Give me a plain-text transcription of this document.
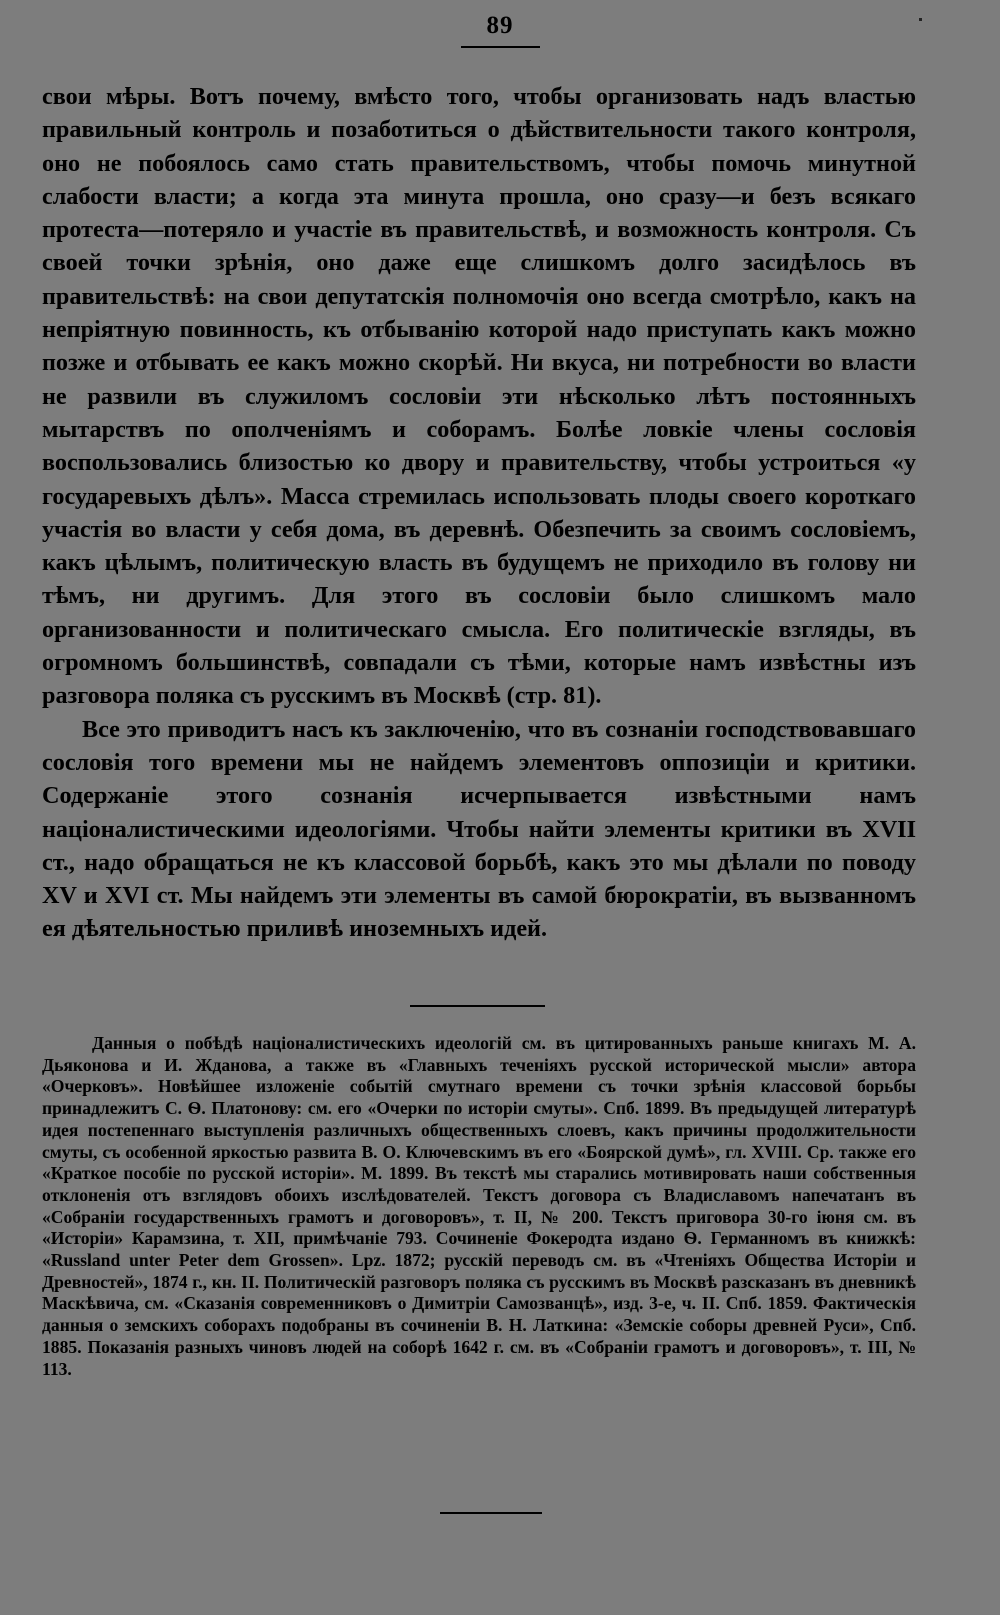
89

свои мѣры. Вотъ почему, вмѣсто того, чтобы организовать надъ властью правильный контроль и позаботиться о дѣйствительности такого контроля, оно не побоялось само стать правительствомъ, чтобы помочь минутной слабости власти; а когда эта минута прошла, оно сразу—и безъ всякаго протеста—потеряло и участіе въ правительствѣ, и возможность контроля. Съ своей точки зрѣнія, оно даже еще слишкомъ долго засидѣлось въ правительствѣ: на свои депутатскія полномочія оно всегда смотрѣло, какъ на непріятную повинность, къ отбыванію которой надо приступать какъ можно позже и отбывать ее какъ можно скорѣй. Ни вкуса, ни потребности во власти не развили въ служиломъ сословіи эти нѣсколько лѣтъ постоянныхъ мытарствъ по ополченіямъ и соборамъ. Болѣе ловкіе члены сословія воспользовались близостью ко двору и правительству, чтобы устроиться «у государевыхъ дѣлъ». Масса стремилась использовать плоды своего короткаго участія во власти у себя дома, въ деревнѣ. Обезпечить за своимъ сословіемъ, какъ цѣлымъ, политическую власть въ будущемъ не приходило въ голову ни тѣмъ, ни другимъ. Для этого въ сословіи было слишкомъ мало организованности и политическаго смысла. Его политическіе взгляды, въ огромномъ большинствѣ, совпадали съ тѣми, которые намъ извѣстны изъ разговора поляка съ русскимъ въ Москвѣ (стр. 81).

Все это приводитъ насъ къ заключенію, что въ сознаніи господствовавшаго сословія того времени мы не найдемъ элементовъ оппозиціи и критики. Содержаніе этого сознанія исчерпывается извѣстными намъ націоналистическими идеологіями. Чтобы найти элементы критики въ XVII ст., надо обращаться не къ классовой борьбѣ, какъ это мы дѣлали по поводу XV и XVI ст. Мы найдемъ эти элементы въ самой бюрократіи, въ вызванномъ ея дѣятельностью приливѣ иноземныхъ идей.

Данныя о побѣдѣ націоналистическихъ идеологій см. въ цитированныхъ раньше книгахъ М. А. Дьяконова и И. Жданова, а также въ «Главныхъ теченіяхъ русской исторической мысли» автора «Очерковъ». Новѣйшее изложеніе событій смутнаго времени съ точки зрѣнія классовой борьбы принадлежитъ С. Ѳ. Платонову: см. его «Очерки по исторіи смуты». Спб. 1899. Въ предыдущей литературѣ идея постепеннаго выступленія различныхъ общественныхъ слоевъ, какъ причины продолжительности смуты, съ особенной яркостью развита В. О. Ключевскимъ въ его «Боярской думѣ», гл. XVIII. Ср. также его «Краткое пособіе по русской исторіи». М. 1899. Въ текстѣ мы старались мотивировать наши собственныя отклоненія отъ взглядовъ обоихъ изслѣдователей. Текстъ договора съ Владиславомъ напечатанъ въ «Собраніи государственныхъ грамотъ и договоровъ», т. II, № 200. Текстъ приговора 30-го іюня см. въ «Исторіи» Карамзина, т. XII, примѣчаніе 793. Сочиненіе Фокеродта издано Ѳ. Германномъ въ книжкѣ: «Russland unter Peter dem Grossen». Lpz. 1872; русскій переводъ см. въ «Чтеніяхъ Общества Исторіи и Древностей», 1874 г., кн. II. Политическій разговоръ поляка съ русскимъ въ Москвѣ разсказанъ въ дневникѣ Маскѣвича, см. «Сказанія современниковъ о Димитріи Самозванцѣ», изд. 3-е, ч. II. Спб. 1859. Фактическія данныя о земскихъ соборахъ подобраны въ сочиненіи В. Н. Латкина: «Земскіе соборы древней Руси», Спб. 1885. Показанія разныхъ чиновъ людей на соборѣ 1642 г. см. въ «Собраніи грамотъ и договоровъ», т. III, № 113.
